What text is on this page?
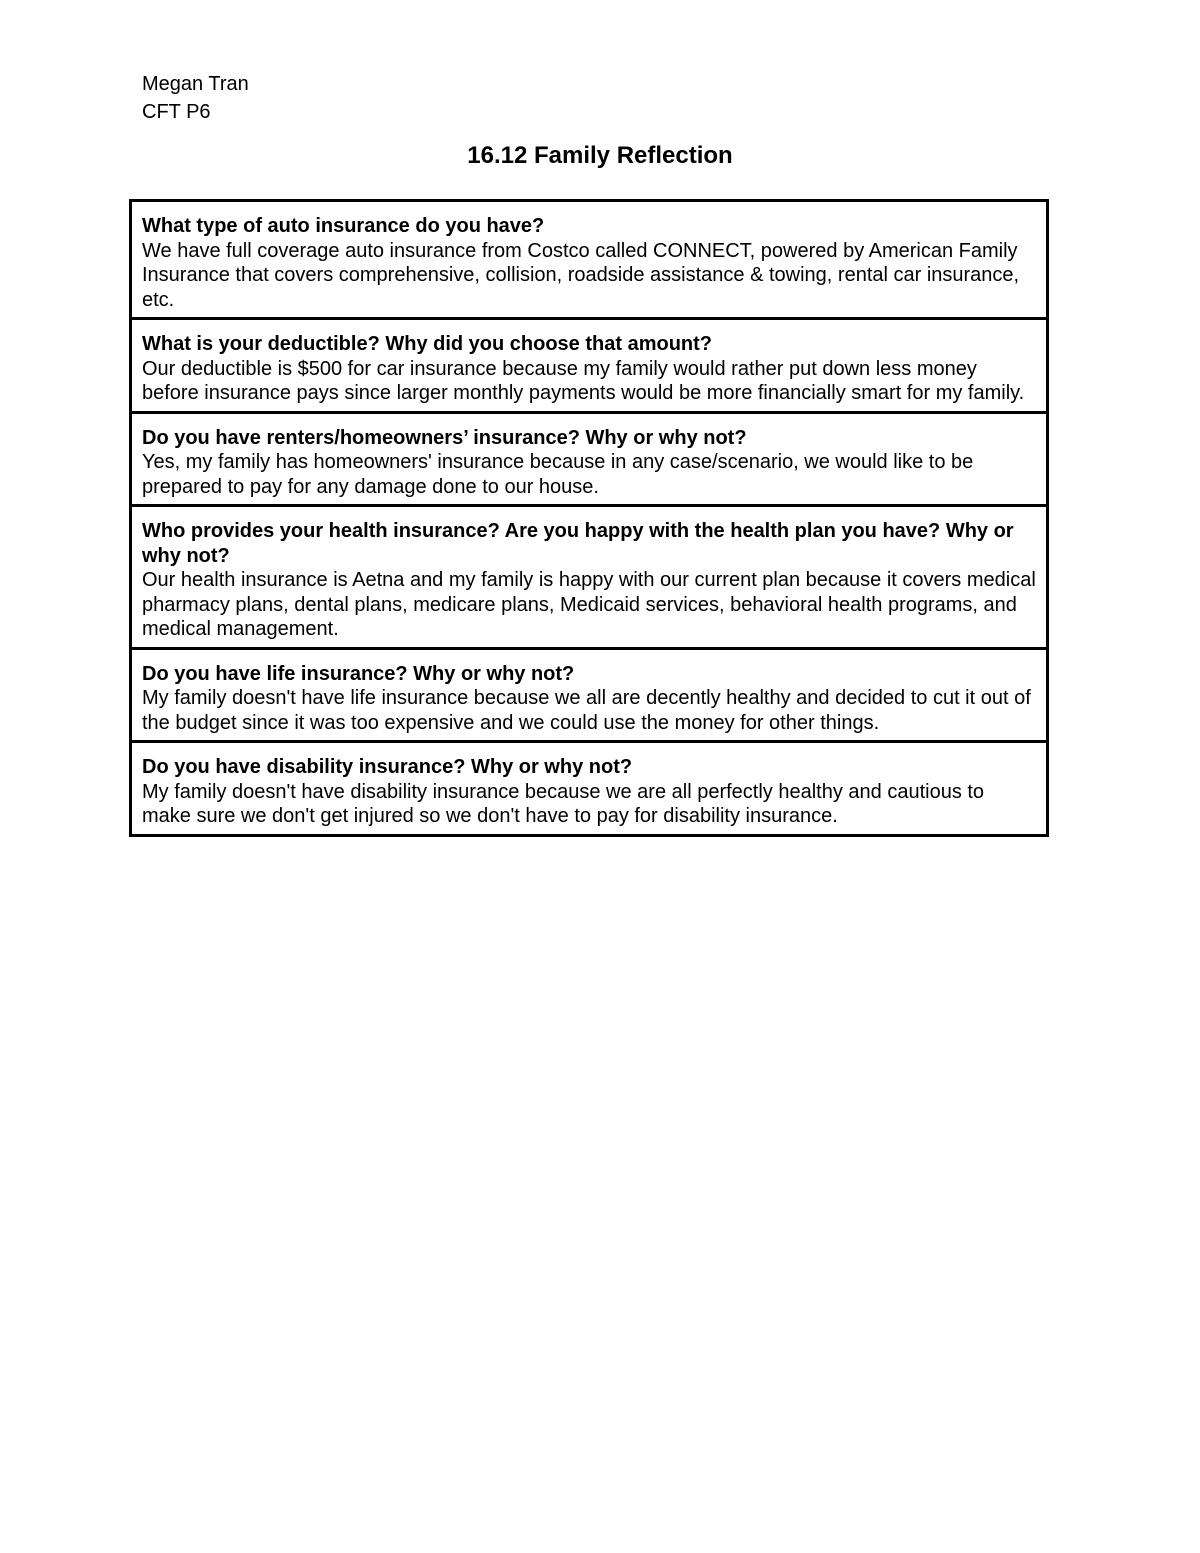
Megan Tran
CFT P6
16.12 Family Reflection
What type of auto insurance do you have?
We have full coverage auto insurance from Costco called CONNECT, powered by American Family Insurance that covers comprehensive, collision, roadside assistance & towing, rental car insurance, etc.
What is your deductible? Why did you choose that amount?
Our deductible is $500 for car insurance because my family would rather put down less money before insurance pays since larger monthly payments would be more financially smart for my family.
Do you have renters/homeowners’ insurance? Why or why not?
Yes, my family has homeowners' insurance because in any case/scenario, we would like to be prepared to pay for any damage done to our house.
Who provides your health insurance? Are you happy with the health plan you have? Why or why not?
Our health insurance is Aetna and my family is happy with our current plan because it covers medical pharmacy plans, dental plans, medicare plans, Medicaid services, behavioral health programs, and medical management.
Do you have life insurance? Why or why not?
My family doesn't have life insurance because we all are decently healthy and decided to cut it out of the budget since it was too expensive and we could use the money for other things.
Do you have disability insurance? Why or why not?
My family doesn't have disability insurance because we are all perfectly healthy and cautious to make sure we don't get injured so we don't have to pay for disability insurance.
